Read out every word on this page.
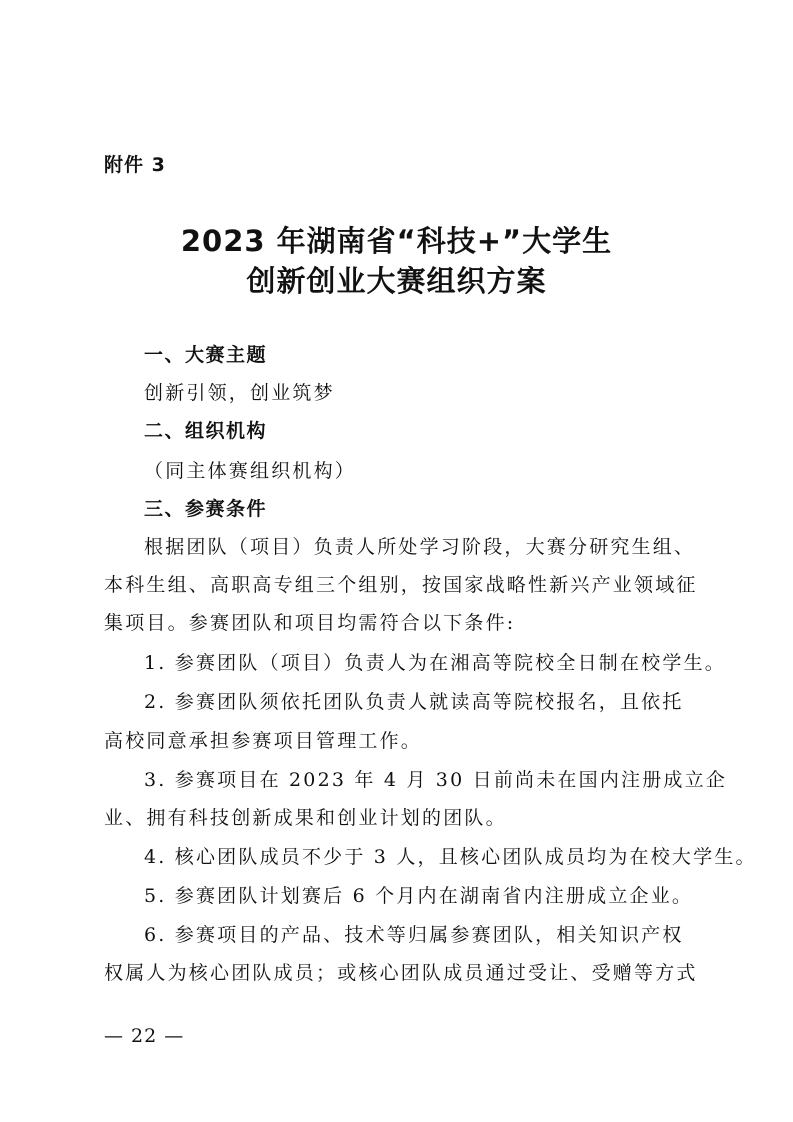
附件 3
2023 年湖南省“科技+”大学生
创新创业大赛组织方案
一、大赛主题
创新引领，创业筑梦
二、组织机构
（同主体赛组织机构）
三、参赛条件
根据团队（项目）负责人所处学习阶段，大赛分研究生组、
本科生组、高职高专组三个组别，按国家战略性新兴产业领域征
集项目。参赛团队和项目均需符合以下条件:
1. 参赛团队（项目）负责人为在湘高等院校全日制在校学生。
2. 参赛团队须依托团队负责人就读高等院校报名，且依托
高校同意承担参赛项目管理工作。
3. 参赛项目在 2023 年 4 月 30 日前尚未在国内注册成立企
业、拥有科技创新成果和创业计划的团队。
4. 核心团队成员不少于 3 人，且核心团队成员均为在校大学生。
5. 参赛团队计划赛后 6 个月内在湖南省内注册成立企业。
6. 参赛项目的产品、技术等归属参赛团队，相关知识产权
权属人为核心团队成员；或核心团队成员通过受让、受赠等方式
— 22 —
